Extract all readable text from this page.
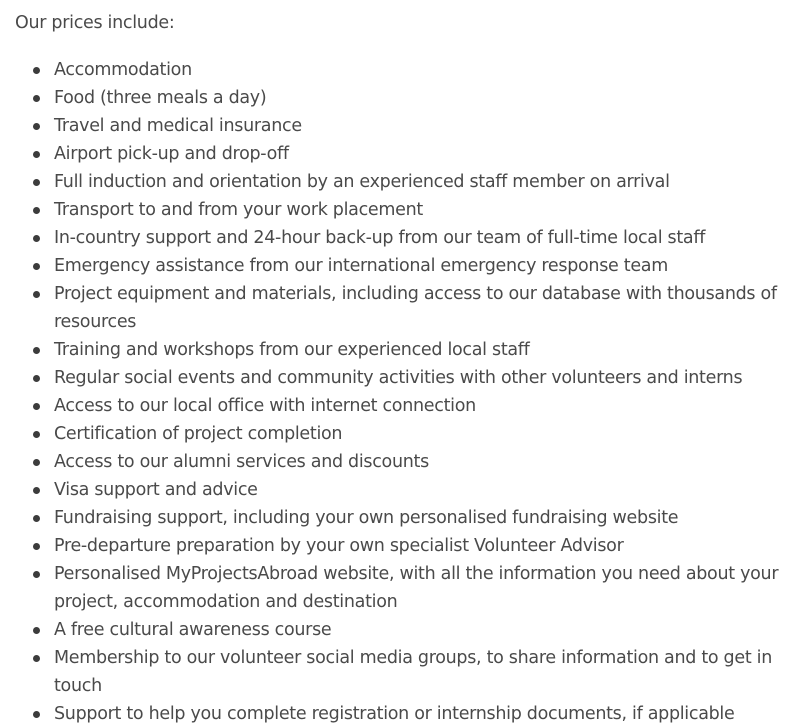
Our prices include:

Accommodation
Food (three meals a day)
Travel and medical insurance
Airport pick-up and drop-off
Full induction and orientation by an experienced staff member on arrival
Transport to and from your work placement
In-country support and 24-hour back-up from our team of full-time local staff
Emergency assistance from our international emergency response team
Project equipment and materials, including access to our database with thousands of resources
Training and workshops from our experienced local staff
Regular social events and community activities with other volunteers and interns
Access to our local office with internet connection
Certification of project completion
Access to our alumni services and discounts
Visa support and advice
Fundraising support, including your own personalised fundraising website
Pre-departure preparation by your own specialist Volunteer Advisor
Personalised MyProjectsAbroad website, with all the information you need about your project, accommodation and destination
A free cultural awareness course
Membership to our volunteer social media groups, to share information and to get in touch
Support to help you complete registration or internship documents, if applicable
